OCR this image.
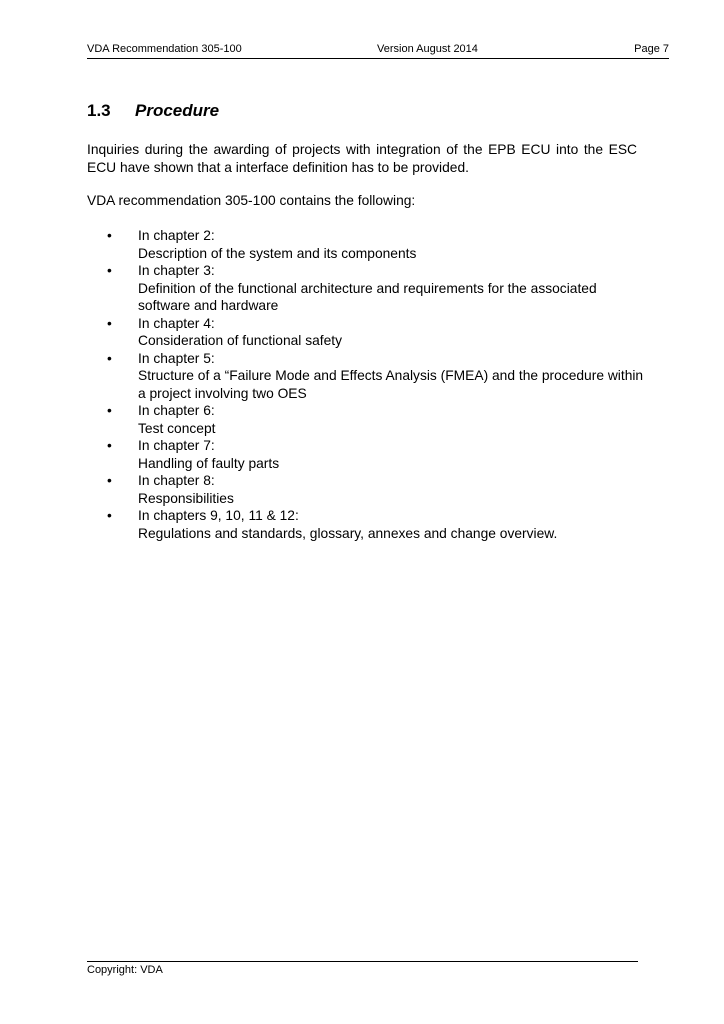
VDA Recommendation 305-100	Version August 2014	Page 7
1.3 Procedure
Inquiries during the awarding of projects with integration of the EPB ECU into the ESC ECU have shown that a interface definition has to be provided.
VDA recommendation 305-100 contains the following:
• In chapter 2:
Description of the system and its components
• In chapter 3:
Definition of the functional architecture and requirements for the associated software and hardware
• In chapter 4:
Consideration of functional safety
• In chapter 5:
Structure of a “Failure Mode and Effects Analysis (FMEA) and the procedure within a project involving two OES
• In chapter 6:
Test concept
• In chapter 7:
Handling of faulty parts
• In chapter 8:
Responsibilities
• In chapters 9, 10, 11 & 12:
Regulations and standards, glossary, annexes and change overview.
Copyright: VDA
